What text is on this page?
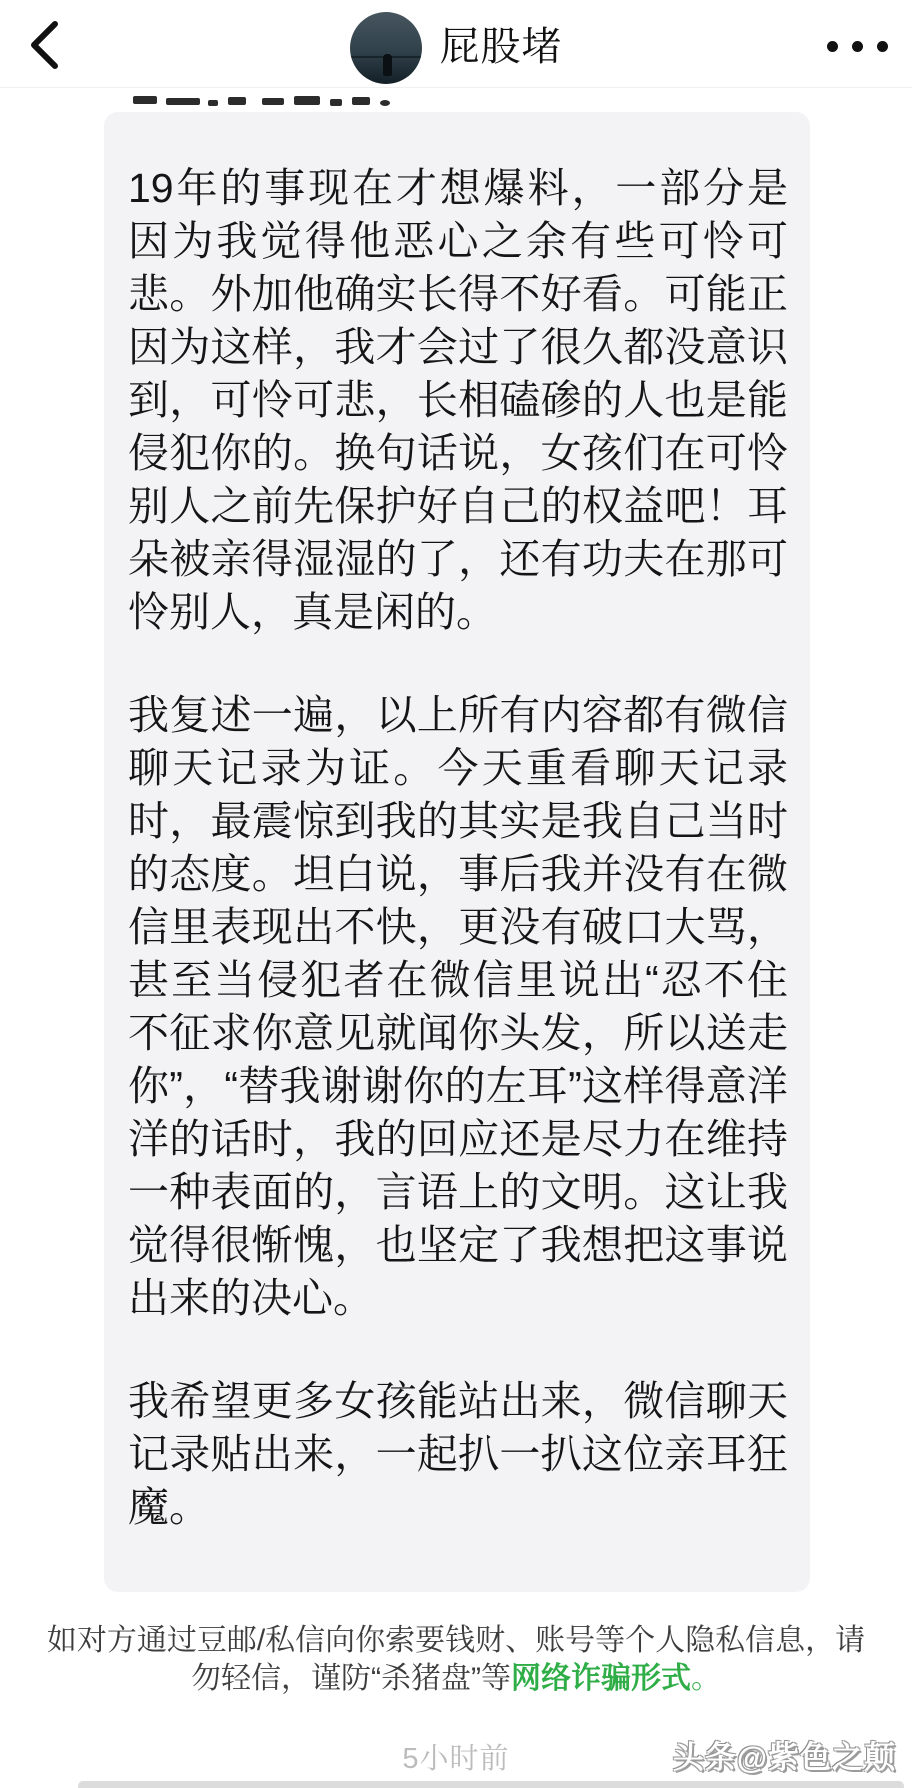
屁股堵

19年的事现在才想爆料，一部分是因为我觉得他恶心之余有些可怜可悲。外加他确实长得不好看。可能正因为这样，我才会过了很久都没意识到，可怜可悲，长相磕碜的人也是能侵犯你的。换句话说，女孩们在可怜别人之前先保护好自己的权益吧！耳朵被亲得湿湿的了，还有功夫在那可怜别人，真是闲的。

我复述一遍，以上所有内容都有微信聊天记录为证。今天重看聊天记录时，最震惊到我的其实是我自己当时的态度。坦白说，事后我并没有在微信里表现出不快，更没有破口大骂，甚至当侵犯者在微信里说出“忍不住不征求你意见就闻你头发，所以送走你”，“替我谢谢你的左耳”这样得意洋洋的话时，我的回应还是尽力在维持一种表面的，言语上的文明。这让我觉得很惭愧，也坚定了我想把这事说出来的决心。

我希望更多女孩能站出来，微信聊天记录贴出来，一起扒一扒这位亲耳狂魔。

如对方通过豆邮/私信向你索要钱财、账号等个人隐私信息，请勿轻信，谨防“杀猪盘”等网络诈骗形式。
5小时前	头条@紫色之颠
